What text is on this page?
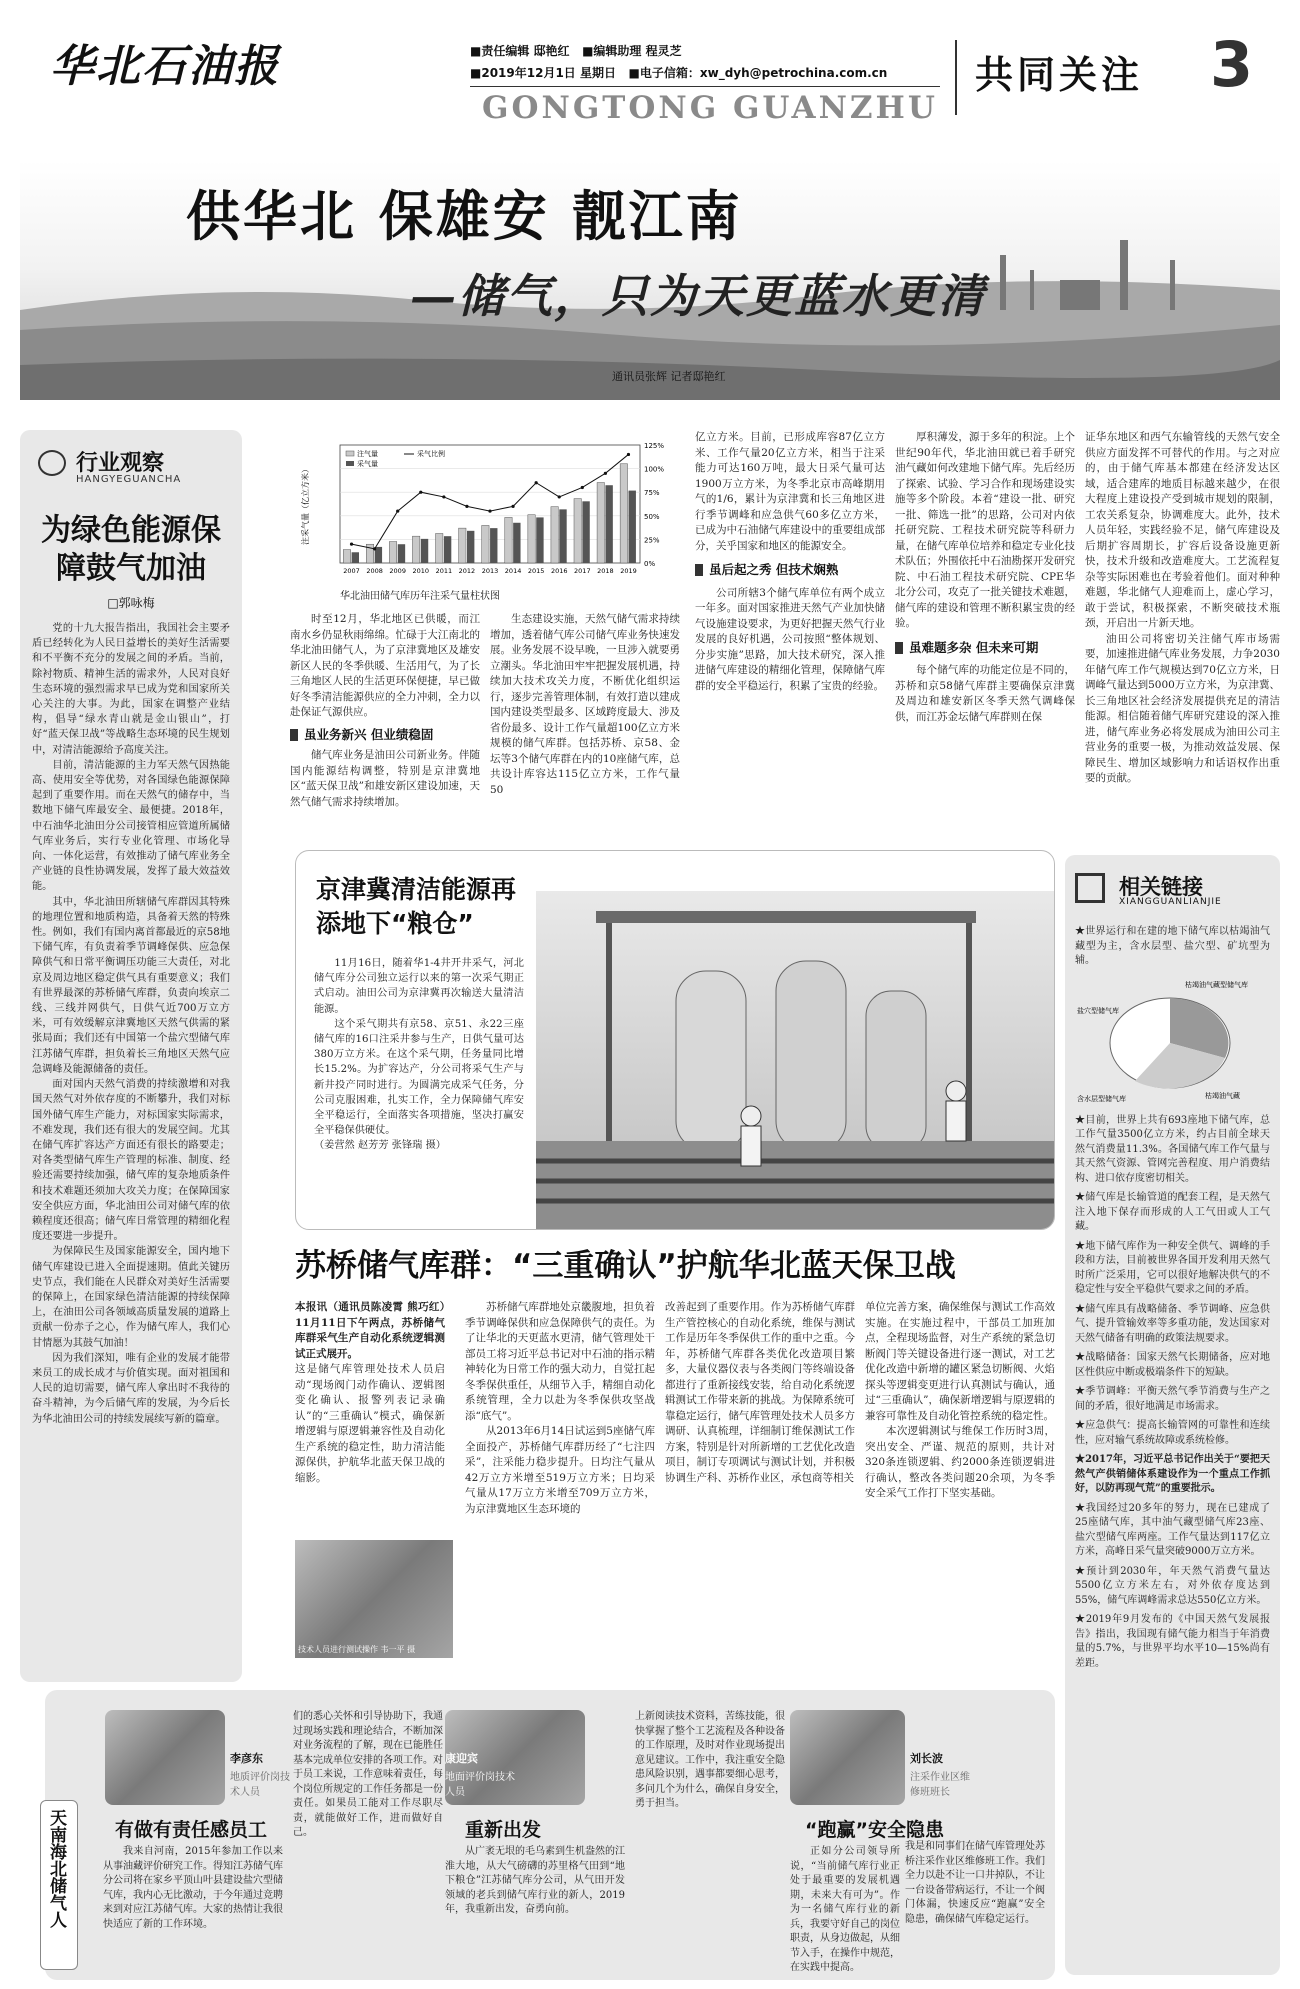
华北石油报	■责任编辑 邸艳红 ■编辑助理 程灵芝
■2019年12月1日 星期日 ■电子信箱：xw_dyh@petrochina.com.cn
GONGTONG GUANZHU
共同关注 3
供华北 保雄安 靓江南
—储气，只为天更蓝水更清
通讯员张辉 记者邸艳红
行业观察
HANGYEGUANCHA
为绿色能源保障鼓气加油
□郭咏梅

党的十九大报告指出，我国社会主要矛盾已经转化为人民日益增长的美好生活需要和不平衡不充分的发展之间的矛盾。当前，除衬物质、精神生活的需求外，人民对良好生态环境的强烈需求早已成为党和国家所关心关注的大事。为此，国家在调整产业结构，倡导“绿水青山就是金山银山”，打好“蓝天保卫战”等战略生态环境的民生规划中，对清洁能源给予高度关注。

目前，清洁能源的主力军天然气因热能高、使用安全等优势，对各国绿色能源保障起到了重要作用。而在天然气的储存中，当数地下储气库最安全、最便捷。2018年，中石油华北油田分公司接管相应管道所属储气库业务后，实行专业化管理、市场化导向、一体化运营，有效推动了储气库业务全产业链的良性协调发展，发挥了最大效益效能。

其中，华北油田所辖储气库群因其特殊的地理位置和地质构造，具备着天然的特殊性。例如，我们有国内离首都最近的京58地下储气库，有负责着季节调峰保供、应急保障供气和日常平衡调压功能三大责任，对北京及周边地区稳定供气具有重要意义；我们有世界最深的苏桥储气库群，负责向埃京二线、三线并网供气，日供气近700万立方米，可有效缓解京津冀地区天然气供需的紧张局面；我们还有中国第一个盐穴型储气库江苏储气库群，担负着长三角地区天然气应急调峰及能源储备的责任。

面对国内天然气消费的持续激增和对我国天然气对外依存度的不断攀升，我们对标国外储气库生产能力，对标国家实际需求，不难发现，我们还有很大的发展空间。尤其在储气库扩容达产方面还有很长的路要走；对各类型储气库生产管理的标准、制度、经验还需要持续加强，储气库的复杂地质条件和技术难题还须加大攻关力度；在保障国家安全供应方面，华北油田公司对储气库的依赖程度还很高；储气库日常管理的精细化程度还要进一步提升。

为保障民生及国家能源安全，国内地下储气库建设已进入全面提速期。值此关键历史节点，我们能在人民群众对美好生活需要的保障上，在国家绿色清洁能源的持续保障上，在油田公司各领域高质量发展的道路上贡献一份赤子之心，作为储气库人，我们心甘情愿为其鼓气加油！

因为我们深知，唯有企业的发展才能带来员工的成长成才与价值实现。面对祖国和人民的迫切需要，储气库人拿出时不我待的奋斗精神，为今后储气库的发展，为今后长为华北油田公司的持续发展续写新的篇章。

注采气量（亿立方米）
0%
25%
50%
75%
100%
125%
2007 2008 2009 2010 2011 2012 2013 2014 2015 2016 2017 2018 2019
注气量
采气量
采气比例
华北油田储气库历年注采气量柱状图

时至12月，华北地区已供暖，而江南水乡仍显秋雨绵绵。忙碌于大江南北的华北油田储气人，为了京津冀地区及雄安新区人民的冬季供暖、生活用气，为了长三角地区人民的生活更环保便捷，早已做好冬季清洁能源供应的全力冲刺，全力以赴保证气源供应。

虽业务新兴 但业绩稳固

储气库业务是油田公司新业务。伴随国内能源结构调整，特别是京津冀地区“蓝天保卫战”和雄安新区建设加速，天然气储气需求持续增加。

生态建设实施，天然气储气需求持续增加，透着储气库公司储气库业务快速发展。业务发展不设早晚，一旦涉入就要勇立潮头。华北油田牢牢把握发展机遇，持续加大技术攻关力度，不断优化组织运行，逐步完善管理体制，有效打造以建成国内建设类型最多、区域跨度最大、涉及省份最多、设计工作气量超100亿立方米规模的储气库群。包括苏桥、京58、金坛等3个储气库群在内的10座储气库，总共设计库容达115亿立方米，工作气量50

亿立方米。目前，已形成库容87亿立方米、工作气量20亿立方米，相当于注采能力可达160万吨，最大日采气量可达1900万立方米，为冬季北京市高峰期用气的1/6，累计为京津冀和长三角地区进行季节调峰和应急供气60多亿立方米，已成为中石油储气库建设中的重要组成部分，关乎国家和地区的能源安全。

虽后起之秀 但技术娴熟

公司所辖3个储气库单位有两个成立一年多。面对国家推进天然气产业加快储气设施建设要求，为更好把握天然气行业发展的良好机遇，公司按照“整体规划、分步实施”思路，加大技术研究，深入推进储气库建设的精细化管理，保障储气库群的安全平稳运行，积累了宝贵的经验。

厚积薄发，源于多年的积淀。上个世纪90年代，华北油田就已着手研究油气藏如何改建地下储气库。先后经历了探索、试验、学习合作和现场建设实施等多个阶段。本着“建设一批、研究一批、筛选一批”的思路，公司对内依托研究院、工程技术研究院等科研力量，在储气库单位培养和稳定专业化技术队伍；外围依托中石油勘探开发研究院、中石油工程技术研究院、CPE华北分公司，攻克了一批关键技术难题，储气库的建设和管理不断积累宝贵的经验。

虽难题多杂 但未来可期

每个储气库的功能定位是不同的，苏桥和京58储气库群主要确保京津冀及周边和雄安新区冬季天然气调峰保供，而江苏金坛储气库群则在保

证华东地区和西气东输管线的天然气安全供应方面发挥不可替代的作用。与之对应的，由于储气库基本都建在经济发达区域，适合建库的地质目标越来越少，在很大程度上建设投产受到城市规划的限制，工农关系复杂，协调难度大。此外，技术人员年轻，实践经验不足，储气库建设及后期扩容周期长，扩容后设备设施更新快，技术升级和改造难度大。工艺流程复杂等实际困难也在考验着他们。面对种种难题，华北储气人迎难而上，虚心学习，敢于尝试，积极探索，不断突破技术瓶颈，开启出一片新天地。

油田公司将密切关注储气库市场需要，加速推进储气库业务发展，力争2030年储气库工作气规模达到70亿立方米，日调峰气量达到5000万立方米，为京津冀、长三角地区社会经济发展提供充足的清洁能源。相信随着储气库研究建设的深入推进，储气库业务必将发展成为油田公司主营业务的重要一极，为推动效益发展、保障民生、增加区域影响力和话语权作出重要的贡献。

京津冀清洁能源再添地下“粮仓”

11月16日，随着华1-4井开井采气，河北储气库分公司独立运行以来的第一次采气期正式启动。油田公司为京津冀再次输送大量清洁能源。

这个采气期共有京58、京51、永22三座储气库的16口注采井参与生产，日供气量可达380万立方米。在这个采气期，任务量同比增长15.2%。为扩容达产，分公司将采气生产与新井投产同时进行。为圆满完成采气任务，分公司克服困难，扎实工作，全力保障储气库安全平稳运行，全面落实各项措施，坚决打赢安全平稳保供硬仗。

（姜营然 赵芳芳 张锋瑞 摄）

苏桥储气库群：“三重确认”护航华北蓝天保卫战

本报讯（通讯员陈凌霄 熊巧红）11月11日下午两点，苏桥储气库群采气生产自动化系统逻辑测试正式展开。

这是储气库管理处技术人员启动“现场阀门动作确认、逻辑图变化确认、报警列表记录确认”的“三重确认”模式，确保新增逻辑与原逻辑兼容性及自动化生产系统的稳定性，助力清洁能源保供，护航华北蓝天保卫战的缩影。

技术人员进行测试操作 韦一平 摄

苏桥储气库群地处京畿腹地，担负着季节调峰保供和应急保障供气的责任。为了让华北的天更蓝水更清，储气管理处干部员工将习近平总书记对中石油的指示精神转化为日常工作的强大动力，自觉扛起冬季保供重任，从细节入手，精细自动化系统管理，全力以赴为冬季保供攻坚战添“底气”。

从2013年6月14日试运到5座储气库全面投产，苏桥储气库群历经了“七注四采”，注采能力稳步提升。日均注气量从42万立方米增至519万立方米；日均采气量从17万立方米增至709万立方米，为京津冀地区生态环境的

改善起到了重要作用。作为苏桥储气库群生产管控核心的自动化系统，维保与测试工作是历年冬季保供工作的重中之重。今年，苏桥储气库群各类优化改造项目繁多，大量仪器仪表与各类阀门等终端设备都进行了重新接线安装，给自动化系统逻辑测试工作带来新的挑战。为保障系统可靠稳定运行，储气库管理处技术人员多方调研、认真梳理，详细制订维保测试工作方案，特别是针对所新增的工艺优化改造项目，制订专项调试与测试计划，并积极协调生产科、苏桥作业区，承包商等相关

单位完善方案，确保维保与测试工作高效实施。在实施过程中，干部员工加班加点，全程现场监督，对生产系统的紧急切断阀门等关键设备进行逐一测试，对工艺优化改造中新增的罐区紧急切断阀、火焰探头等逻辑变更进行认真测试与确认，通过“三重确认”，确保新增逻辑与原逻辑的兼容可靠性及自动化管控系统的稳定性。

本次逻辑测试与维保工作历时3周，突出安全、严谨、规范的原则，共计对320条连锁逻辑、约2000条连锁逻辑进行确认，整改各类问题20余项，为冬季安全采气工作打下坚实基础。

相关链接
XIANGGUANLIANJIE
★世界运行和在建的地下储气库以枯竭油气藏型为主，含水层型、盐穴型、矿坑型为辅。
盐穴型储气库
枯竭油气藏型储气库
含水层型储气库	枯竭油气藏

★目前，世界上共有693座地下储气库，总工作气量3500亿立方米，约占目前全球天然气消费量11.3%。各国储气库工作气量与其天然气资源、管网完善程度、用户消费结构、进口依存度密切相关。

★储气库是长输管道的配套工程，是天然气注入地下保存而形成的人工气田或人工气藏。

★地下储气库作为一种安全供气、调峰的手段和方法，目前被世界各国开发利用天然气时所广泛采用，它可以很好地解决供气的不稳定性与安全平稳供气要求之间的矛盾。

★储气库具有战略储备、季节调峰、应急供气、提升管输效率等多重功能，发达国家对天然气储备有明确的政策法规要求。

★战略储备：国家天然气长期储备，应对地区性供应中断或极端条件下的短缺。

★季节调峰：平衡天然气季节消费与生产之间的矛盾，很好地满足市场需求。

★应急供气：提高长输管网的可靠性和连续性，应对输气系统故障或系统检修。

★2017年，习近平总书记作出关于“要把天然气产供销储体系建设作为一个重点工作抓好，以防再现气荒”的重要批示。

★我国经过20多年的努力，现在已建成了25座储气库，其中油气藏型储气库23座、盐穴型储气库两座。工作气量达到117亿立方米，高峰日采气量突破9000万立方米。

★预计到2030年，年天然气消费气量达5500亿立方米左右，对外依存度达到55%，储气库调峰需求总达550亿立方米。

★2019年9月发布的《中国天然气发展报告》指出，我国现有储气能力相当于年消费量的5.7%，与世界平均水平10—15%尚有差距。

天南海北储气人
李彦东
地质评价岗技术人员
有做有责任感员工

我来自河南，2015年参加工作以来从事油藏评价研究工作。得知江苏储气库分公司将在家乡平顶山叶县建设盐穴型储气库，我内心无比激动，于今年通过竞聘来到对应江苏储气库。大家的热情让我很快适应了新的工作环境。

们的悉心关怀和引导协助下，我通过现场实践和理论结合，不断加深对业务流程的了解，现在已能胜任基本完成单位安排的各项工作。对于员工来说，工作意味着责任，每个岗位所规定的工作任务都是一份责任。如果员工能对工作尽职尽责，就能做好工作，进而做好自己。

康迎宾
地面评价岗技术人员
重新出发

从广袤无垠的毛乌素到生机盎然的江淮大地，从大气磅礴的苏里格气田到“地下粮仓”江苏储气库分公司，从气田开发领域的老兵到储气库行业的新人，2019年，我重新出发，奋勇向前。

上新阅读技术资料，苦练技能，很快掌握了整个工艺流程及各种设备的工作原理，及时对作业现场提出意见建议。工作中，我注重安全隐患风险识别，遇事都要细心思考，多问几个为什么，确保自身安全，勇于担当。

刘长波
注采作业区维修班班长
“跑赢”安全隐患

正如分公司领导所说，“当前储气库行业正处于最重要的发展机遇期，未来大有可为”。作为一名储气库行业的新兵，我要守好自己的岗位职责，从身边做起，从细节入手，在操作中规范，在实践中提高。

我是和同事们在储气库管理处苏桥注采作业区维修班工作。我们全力以赴不让一口井掉队，不让一台设备带病运行，不让一个阀门体漏，快速反应“跑赢”安全隐患，确保储气库稳定运行。
